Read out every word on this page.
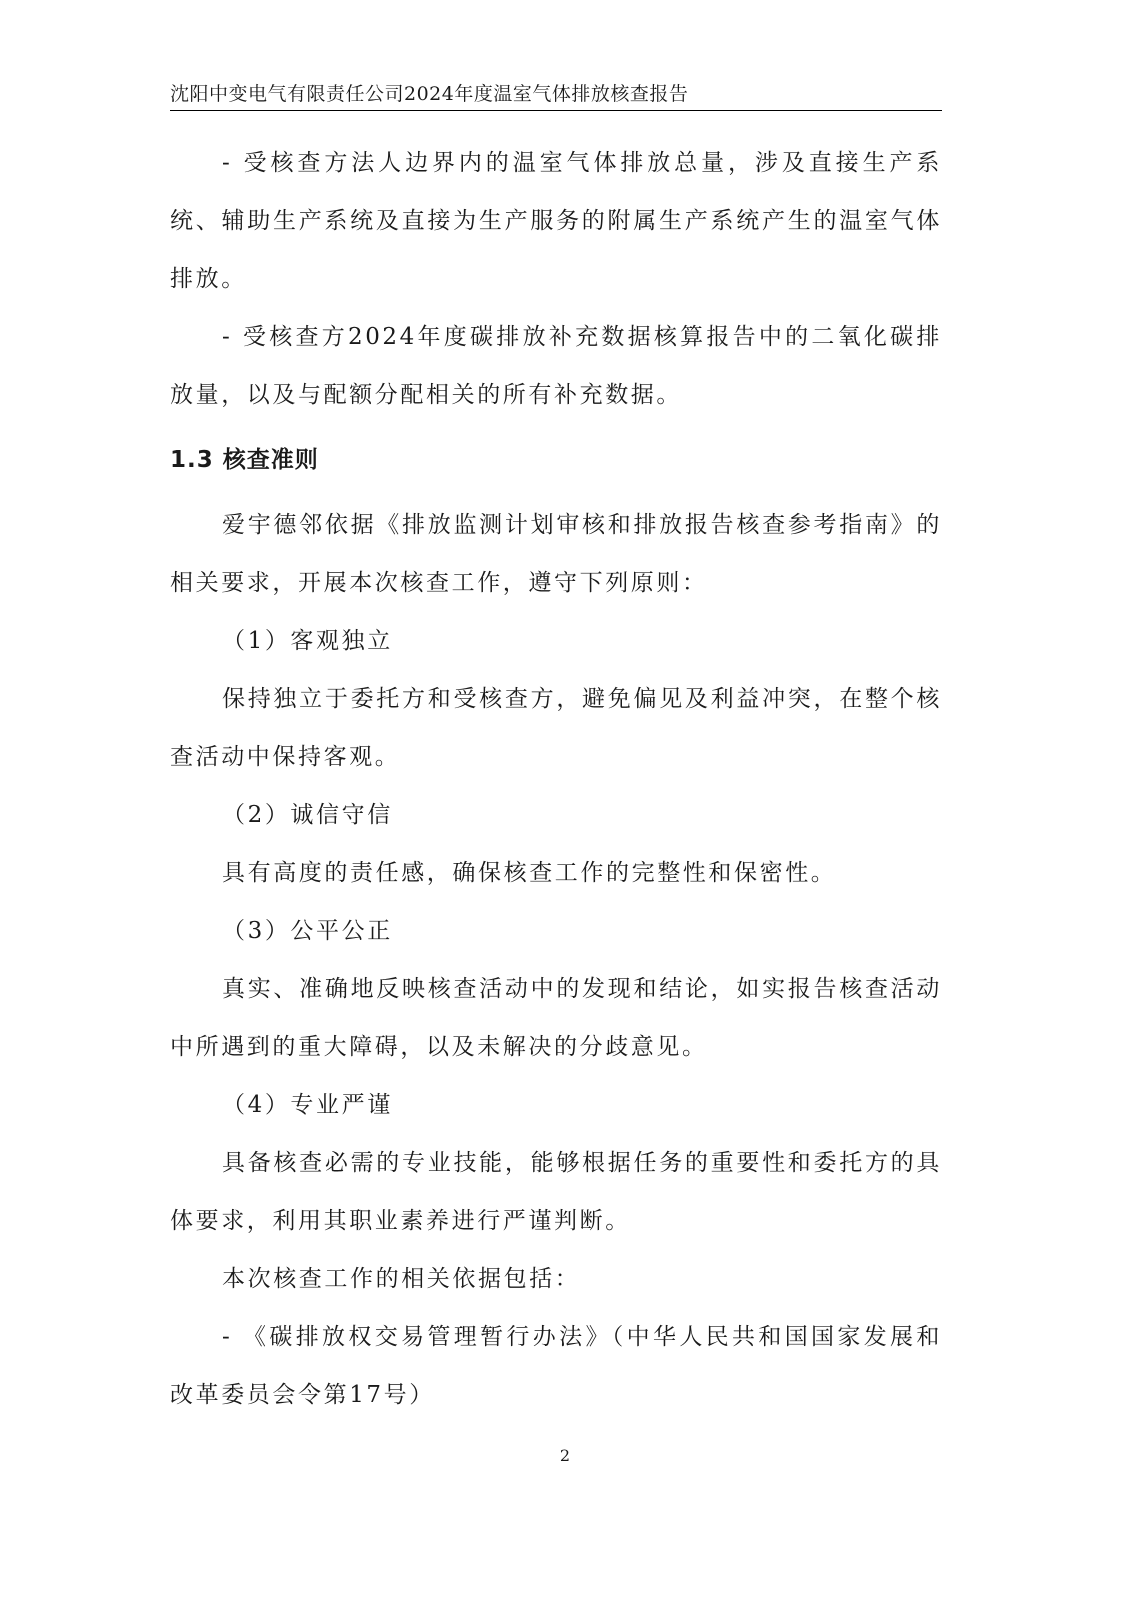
沈阳中变电气有限责任公司2024年度温室气体排放核查报告

- 受核查方法人边界内的温室气体排放总量，涉及直接生产系统、辅助生产系统及直接为生产服务的附属生产系统产生的温室气体排放。

- 受核查方2024年度碳排放补充数据核算报告中的二氧化碳排放量，以及与配额分配相关的所有补充数据。

1.3 核查准则

爱宇德邻依据《排放监测计划审核和排放报告核查参考指南》的相关要求，开展本次核查工作，遵守下列原则：

（1）客观独立

保持独立于委托方和受核查方，避免偏见及利益冲突，在整个核查活动中保持客观。

（2）诚信守信

具有高度的责任感，确保核查工作的完整性和保密性。

（3）公平公正

真实、准确地反映核查活动中的发现和结论，如实报告核查活动中所遇到的重大障碍，以及未解决的分歧意见。

（4）专业严谨

具备核查必需的专业技能，能够根据任务的重要性和委托方的具体要求，利用其职业素养进行严谨判断。

本次核查工作的相关依据包括：

- 《碳排放权交易管理暂行办法》（中华人民共和国国家发展和改革委员会令第17号）

2
